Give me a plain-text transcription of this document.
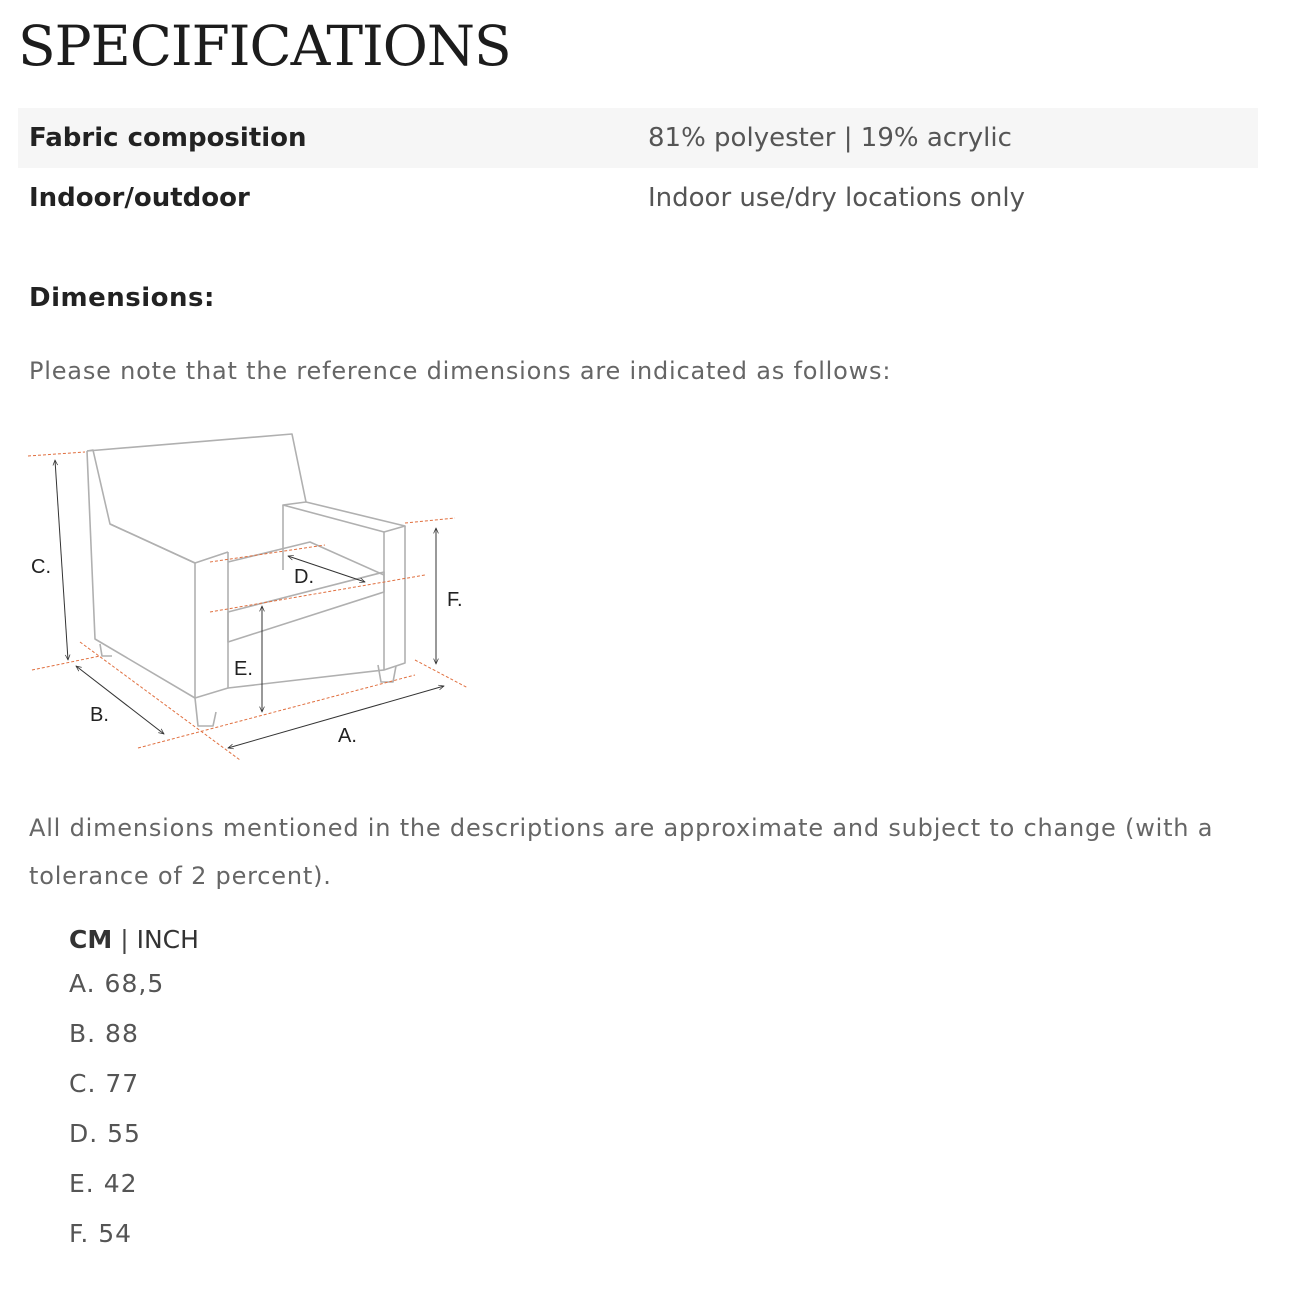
SPECIFICATIONS
Fabric composition	81% polyester | 19% acrylic
Indoor/outdoor	Indoor use/dry locations only
Dimensions:

Please note that the reference dimensions are indicated as follows:

C.	D.
F.
E.
B.
A.

All dimensions mentioned in the descriptions are approximate and subject to change (with a tolerance of 2 percent).

CM | INCH
A. 68,5
B. 88
C. 77
D. 55
E. 42
F. 54
